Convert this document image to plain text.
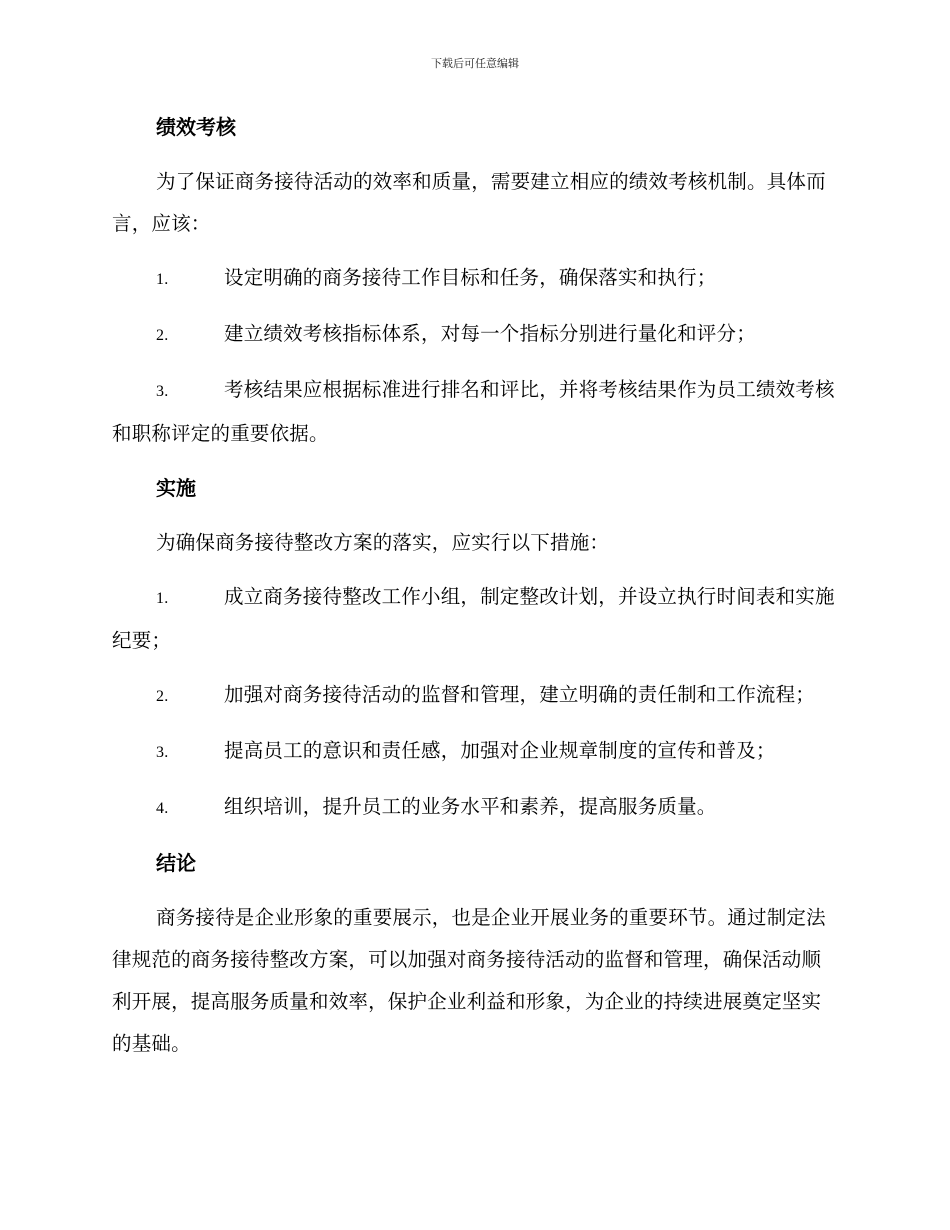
下载后可任意编辑
绩效考核

为了保证商务接待活动的效率和质量，需要建立相应的绩效考核机制。具体而言，应该：

1.	设定明确的商务接待工作目标和任务，确保落实和执行；

2.	建立绩效考核指标体系，对每一个指标分别进行量化和评分；

3.	考核结果应根据标准进行排名和评比，并将考核结果作为员工绩效考核和职称评定的重要依据。

实施

为确保商务接待整改方案的落实，应实行以下措施：

1.	成立商务接待整改工作小组，制定整改计划，并设立执行时间表和实施纪要；

2.	加强对商务接待活动的监督和管理，建立明确的责任制和工作流程；

3.	提高员工的意识和责任感，加强对企业规章制度的宣传和普及；

4.	组织培训，提升员工的业务水平和素养，提高服务质量。

结论

商务接待是企业形象的重要展示，也是企业开展业务的重要环节。通过制定法律规范的商务接待整改方案，可以加强对商务接待活动的监督和管理，确保活动顺利开展，提高服务质量和效率，保护企业利益和形象，为企业的持续进展奠定坚实的基础。
